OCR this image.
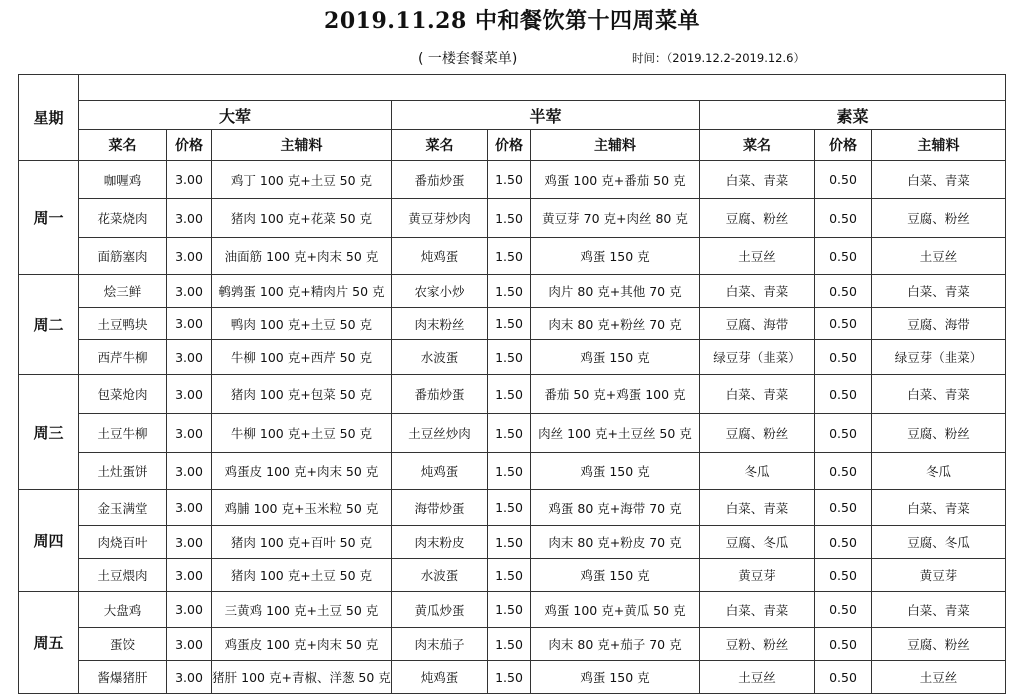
2019.11.28 中和餐饮第十四周菜单
( 一楼套餐菜单)	时间：（2019.12.2-2019.12.6）
星期									
	大荤			半荤			素菜		
	菜名	价格	主辅料	菜名	价格	主辅料	菜名	价格	主辅料
周一	咖喱鸡	3.00	鸡丁 100 克+土豆 50 克	番茄炒蛋	1.50	鸡蛋 100 克+番茄 50 克	白菜、青菜	0.50	白菜、青菜
	花菜烧肉	3.00	猪肉 100 克+花菜 50 克	黄豆芽炒肉	1.50	黄豆芽 70 克+肉丝 80 克	豆腐、粉丝	0.50	豆腐、粉丝
	面筋塞肉	3.00	油面筋 100 克+肉末 50 克	炖鸡蛋	1.50	鸡蛋 150 克	土豆丝	0.50	土豆丝
周二	烩三鲜	3.00	鹌鹑蛋 100 克+精肉片 50 克	农家小炒	1.50	肉片 80 克+其他 70 克	白菜、青菜	0.50	白菜、青菜
	土豆鸭块	3.00	鸭肉 100 克+土豆 50 克	肉末粉丝	1.50	肉末 80 克+粉丝 70 克	豆腐、海带	0.50	豆腐、海带
	西芹牛柳	3.00	牛柳 100 克+西芹 50 克	水波蛋	1.50	鸡蛋 150 克	绿豆芽（韭菜）	0.50	绿豆芽（韭菜）
周三	包菜炝肉	3.00	猪肉 100 克+包菜 50 克	番茄炒蛋	1.50	番茄 50 克+鸡蛋 100 克	白菜、青菜	0.50	白菜、青菜
	土豆牛柳	3.00	牛柳 100 克+土豆 50 克	土豆丝炒肉	1.50	肉丝 100 克+土豆丝 50 克	豆腐、粉丝	0.50	豆腐、粉丝
	土灶蛋饼	3.00	鸡蛋皮 100 克+肉末 50 克	炖鸡蛋	1.50	鸡蛋 150 克	冬瓜	0.50	冬瓜
周四	金玉满堂	3.00	鸡脯 100 克+玉米粒 50 克	海带炒蛋	1.50	鸡蛋 80 克+海带 70 克	白菜、青菜	0.50	白菜、青菜
	肉烧百叶	3.00	猪肉 100 克+百叶 50 克	肉末粉皮	1.50	肉末 80 克+粉皮 70 克	豆腐、冬瓜	0.50	豆腐、冬瓜
	土豆煨肉	3.00	猪肉 100 克+土豆 50 克	水波蛋	1.50	鸡蛋 150 克	黄豆芽	0.50	黄豆芽
周五	大盘鸡	3.00	三黄鸡 100 克+土豆 50 克	黄瓜炒蛋	1.50	鸡蛋 100 克+黄瓜 50 克	白菜、青菜	0.50	白菜、青菜
	蛋饺	3.00	鸡蛋皮 100 克+肉末 50 克	肉末茄子	1.50	肉末 80 克+茄子 70 克	豆粉、粉丝	0.50	豆腐、粉丝
	酱爆猪肝	3.00	猪肝 100 克+青椒、洋葱 50 克	炖鸡蛋	1.50	鸡蛋 150 克	土豆丝	0.50	土豆丝
